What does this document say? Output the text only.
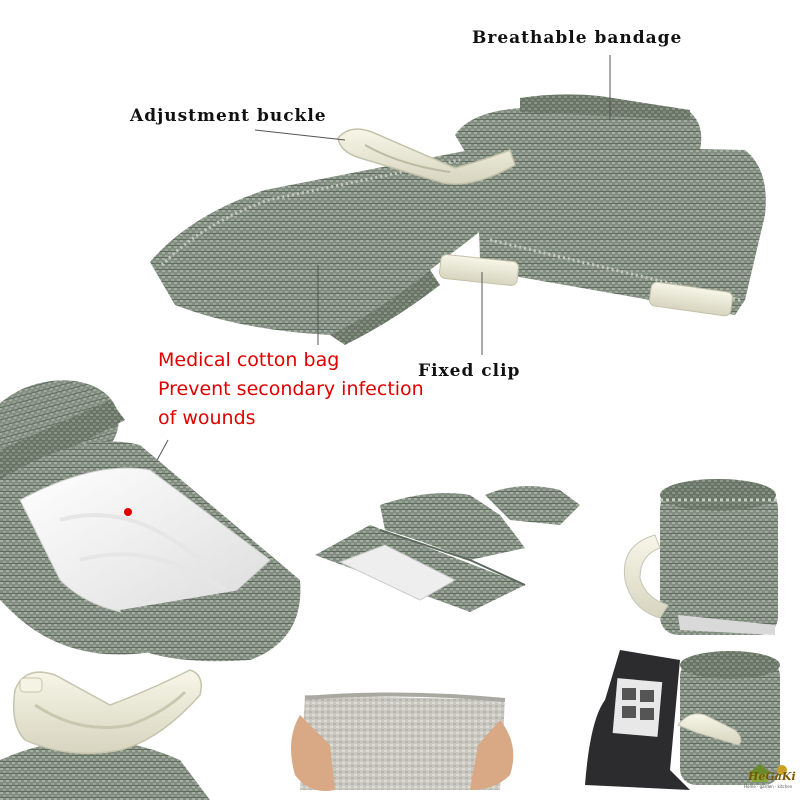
Breathable bandage
Adjustment buckle
Fixed clip
Medical cotton bag
Prevent secondary infection
of wounds
HeGaKi
Home · garden · kitchen
